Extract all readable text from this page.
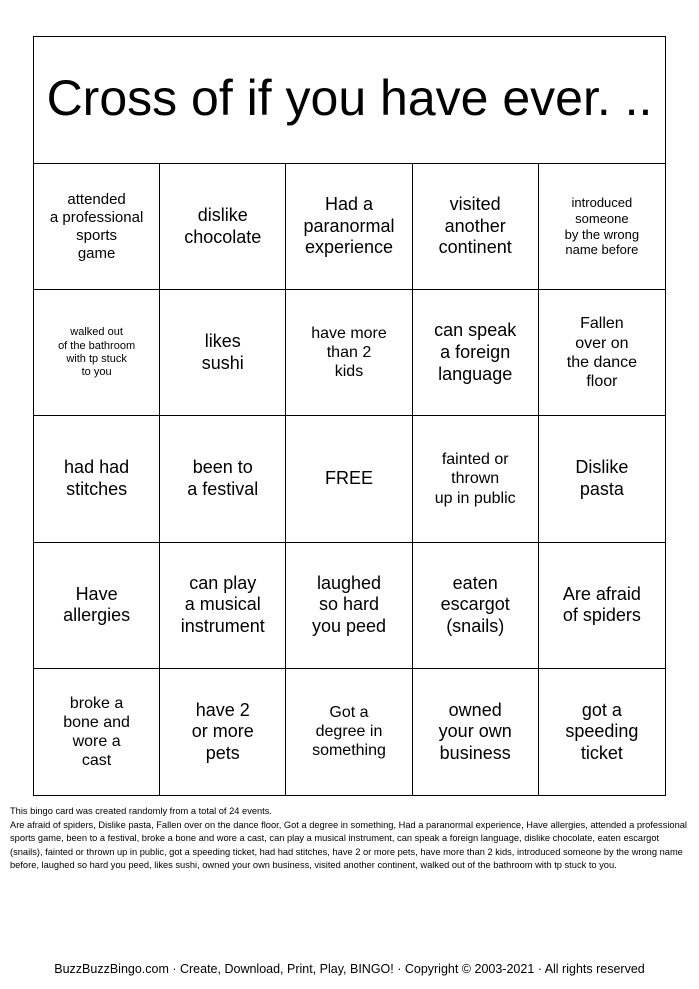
Cross of if you have ever. ..
attended
a professional
sports
game
dislike
chocolate
Had a
paranormal
experience
visited
another
continent
introduced
someone
by the wrong
name before
walked out
of the bathroom
with tp stuck
to you
likes
sushi
have more
than 2
kids
can speak
a foreign
language
Fallen
over on
the dance
floor
had had
stitches
been to
a festival
FREE
fainted or
thrown
up in public
Dislike
pasta
Have
allergies
can play
a musical
instrument
laughed
so hard
you peed
eaten
escargot
(snails)
Are afraid
of spiders
broke a
bone and
wore a
cast
have 2
or more
pets
Got a
degree in
something
owned
your own
business
got a
speeding
ticket

This bingo card was created randomly from a total of 24 events.

Are afraid of spiders, Dislike pasta, Fallen over on the dance floor, Got a degree in something, Had a paranormal experience, Have allergies, attended a professional sports game, been to a festival, broke a bone and wore a cast, can play a musical instrument, can speak a foreign language, dislike chocolate, eaten escargot (snails), fainted or thrown up in public, got a speeding ticket, had had stitches, have 2 or more pets, have more than 2 kids, introduced someone by the wrong name before, laughed so hard you peed, likes sushi, owned your own business, visited another continent, walked out of the bathroom with tp stuck to you.

BuzzBuzzBingo.com · Create, Download, Print, Play, BINGO! · Copyright © 2003-2021 · All rights reserved
